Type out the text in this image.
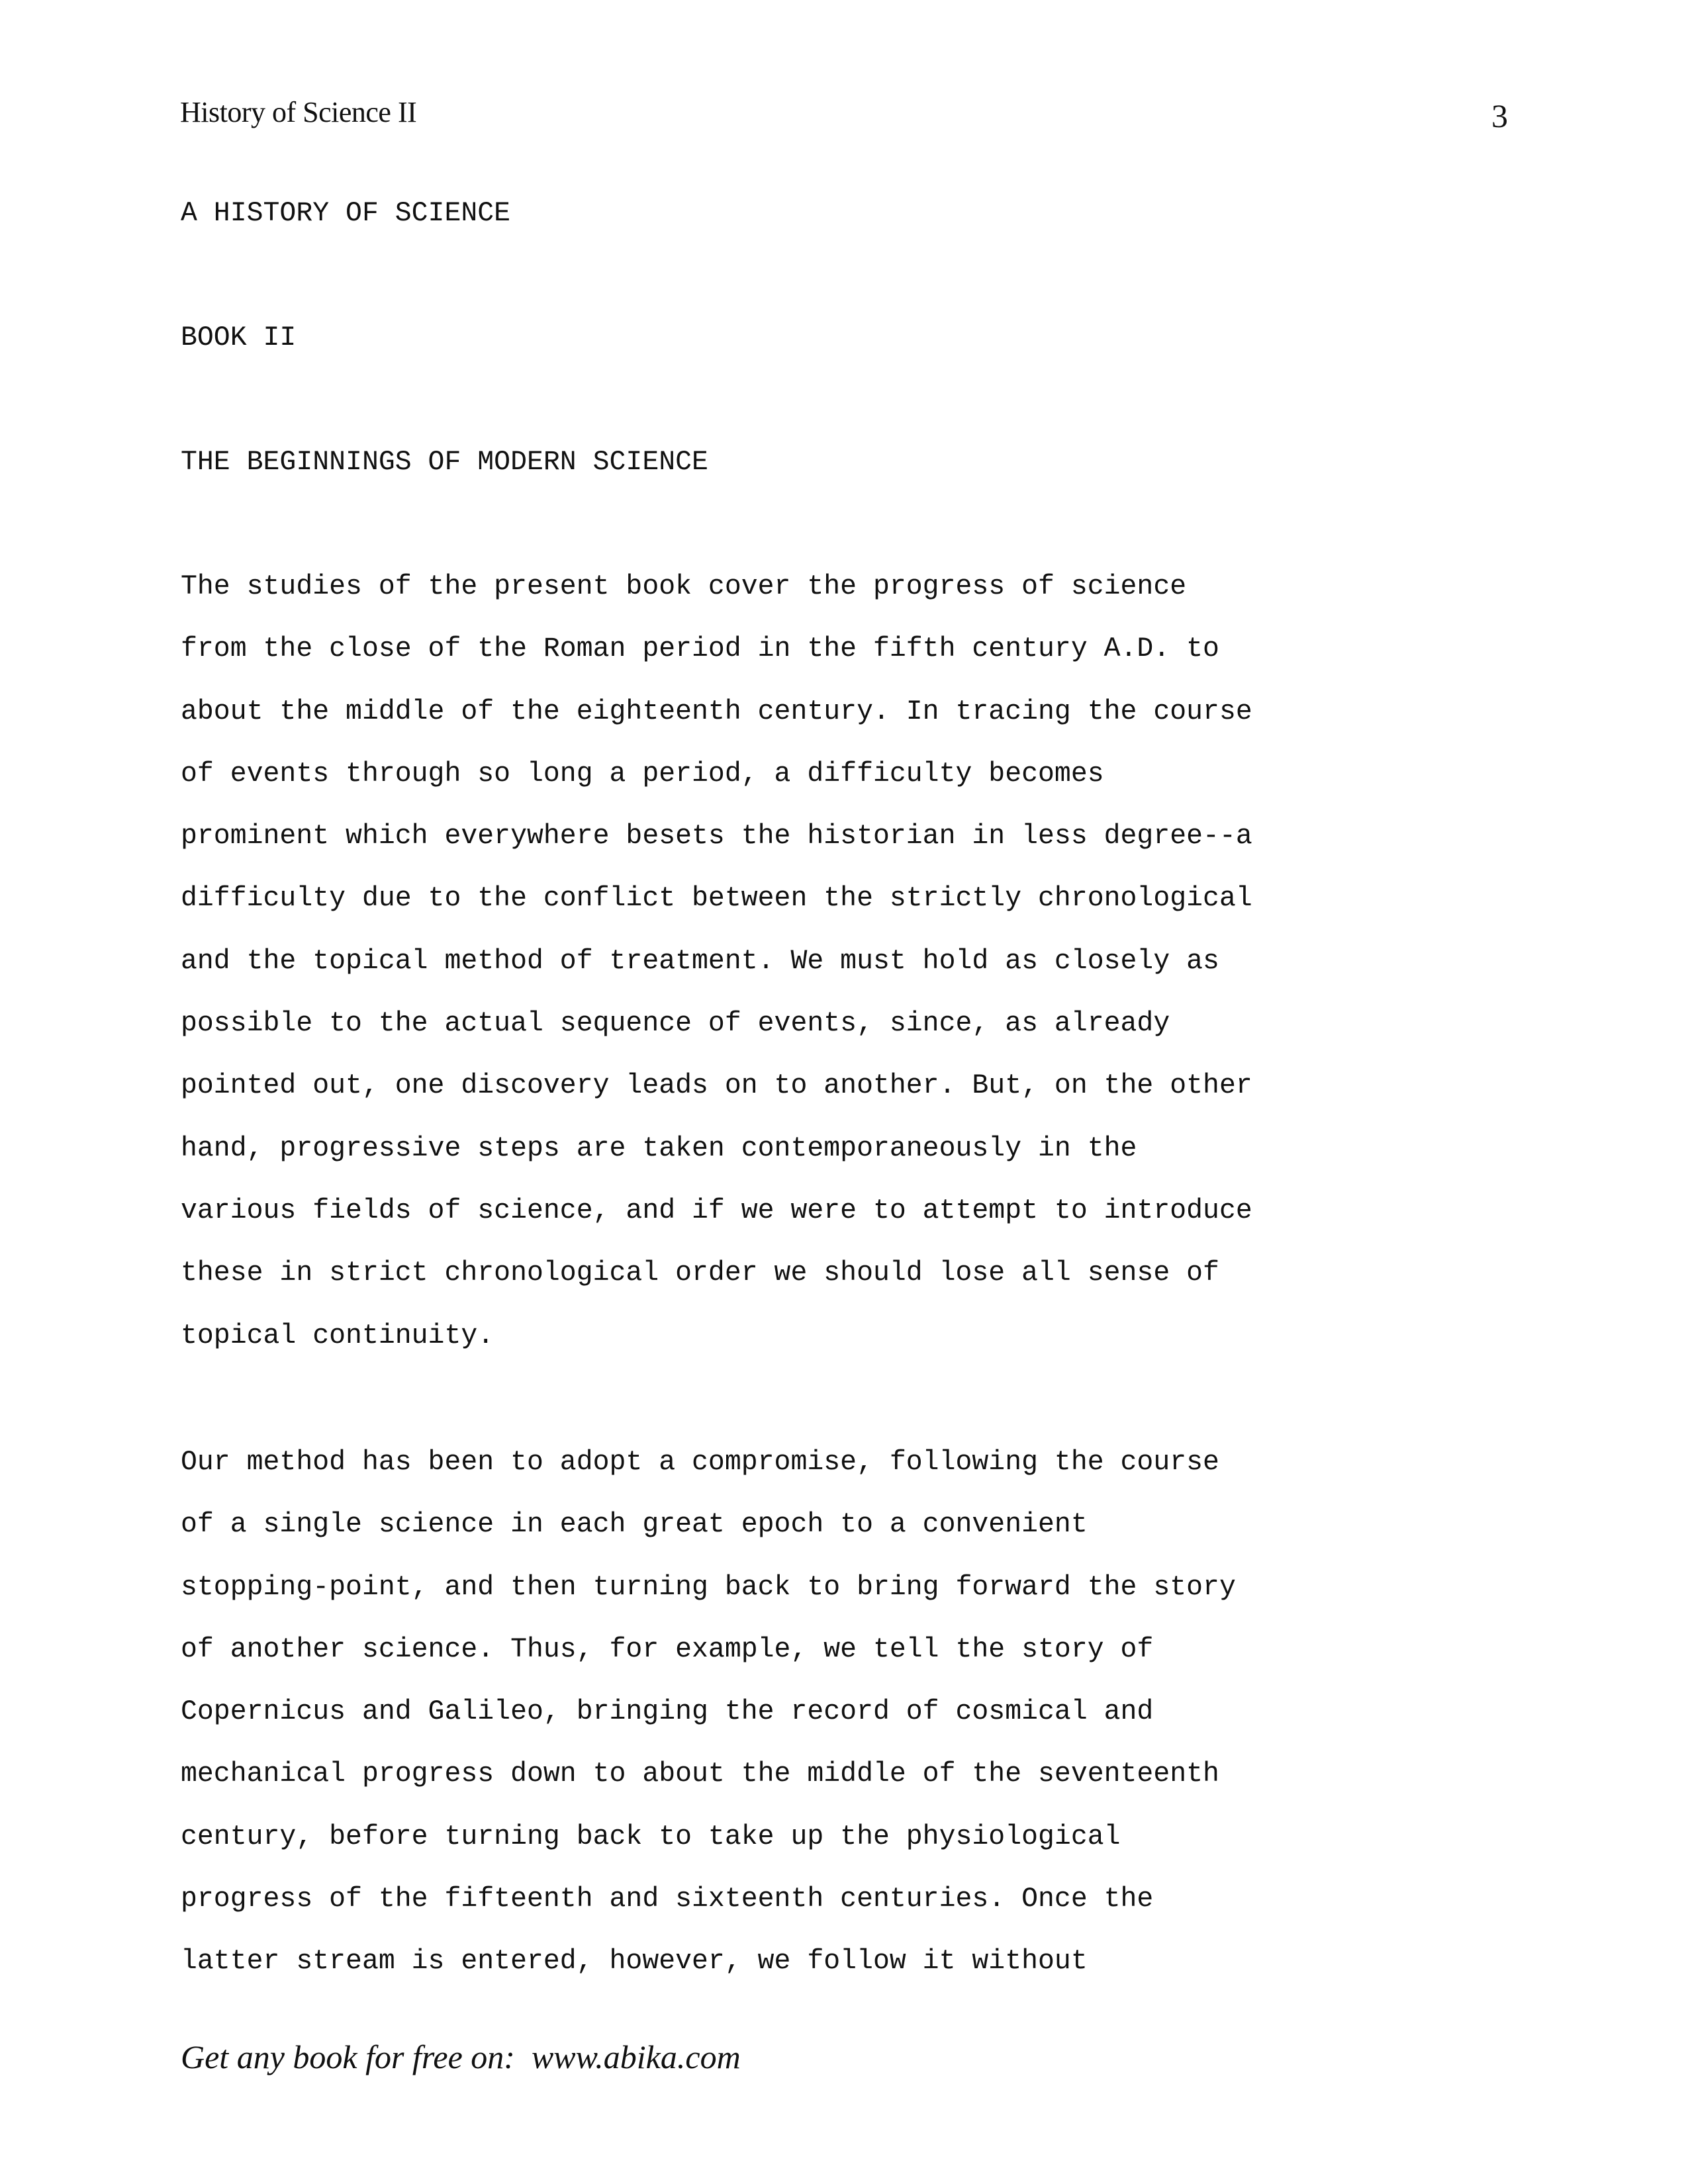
History of Science II	3

A HISTORY OF SCIENCE

BOOK II

THE BEGINNINGS OF MODERN SCIENCE

The studies of the present book cover the progress of science
from the close of the Roman period in the fifth century A.D. to
about the middle of the eighteenth century. In tracing the course
of events through so long a period, a difficulty becomes
prominent which everywhere besets the historian in less degree--a
difficulty due to the conflict between the strictly chronological
and the topical method of treatment. We must hold as closely as
possible to the actual sequence of events, since, as already
pointed out, one discovery leads on to another. But, on the other
hand, progressive steps are taken contemporaneously in the
various fields of science, and if we were to attempt to introduce
these in strict chronological order we should lose all sense of
topical continuity.
Our method has been to adopt a compromise, following the course
of a single science in each great epoch to a convenient
stopping-point, and then turning back to bring forward the story
of another science. Thus, for example, we tell the story of
Copernicus and Galileo, bringing the record of cosmical and
mechanical progress down to about the middle of the seventeenth
century, before turning back to take up the physiological
progress of the fifteenth and sixteenth centuries. Once the
latter stream is entered, however, we follow it without
Get any book for free on:  www.abika.com
